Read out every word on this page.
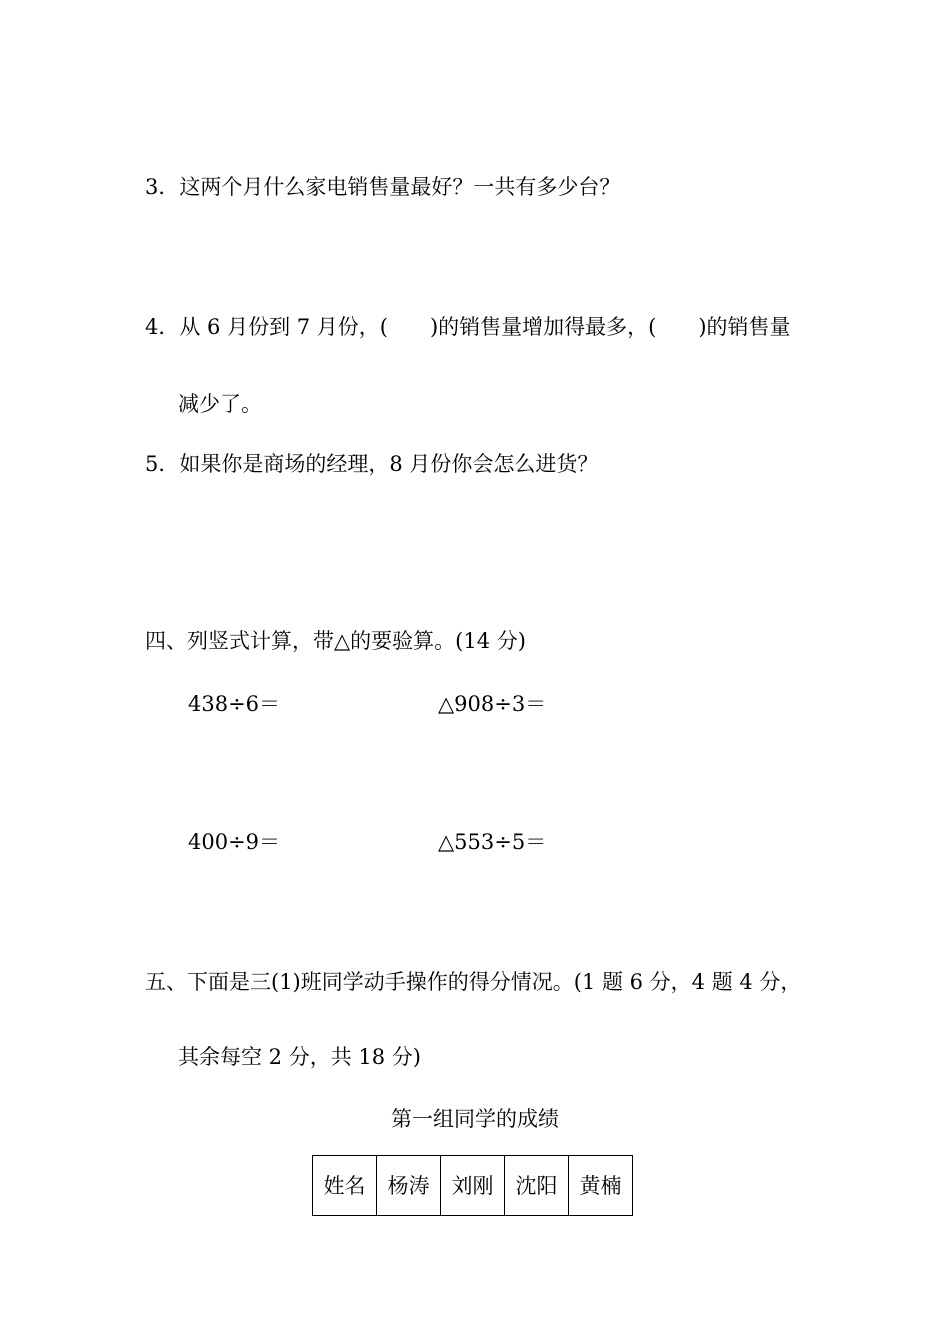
3．这两个月什么家电销售量最好？一共有多少台？
4．从 6 月份到 7 月份，(　　)的销售量增加得最多，(　　)的销售量
减少了。
5．如果你是商场的经理，8 月份你会怎么进货？
四、列竖式计算，带△的要验算。(14 分)
438÷6＝	△908÷3＝
400÷9＝	△553÷5＝
五、下面是三(1)班同学动手操作的得分情况。(1 题 6 分，4 题 4 分，
其余每空 2 分，共 18 分)
第一组同学的成绩
姓名	杨涛	刘刚	沈阳	黄楠
